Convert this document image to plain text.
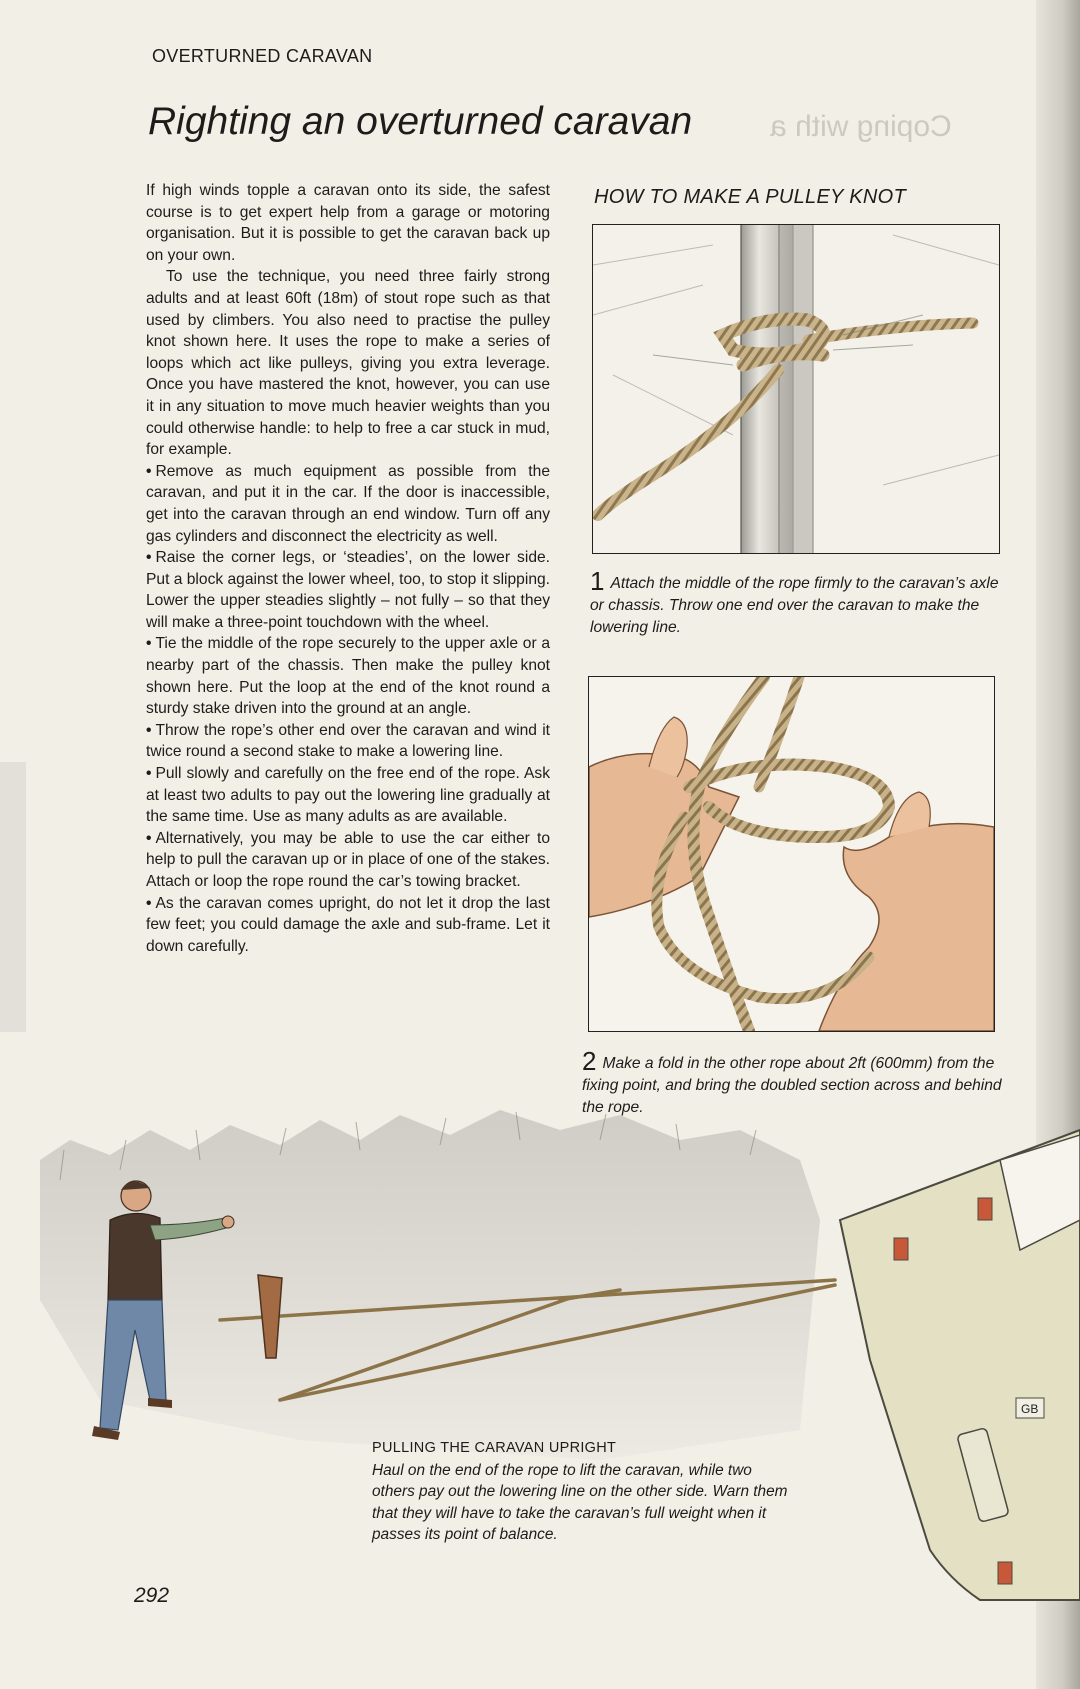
Coping with a
OVERTURNED CARAVAN
Righting an overturned caravan

If high winds topple a caravan onto its side, the safest course is to get expert help from a garage or motoring organisation. But it is possible to get the caravan back up on your own.

To use the technique, you need three fairly strong adults and at least 60ft (18m) of stout rope such as that used by climbers. You also need to practise the pulley knot shown here. It uses the rope to make a series of loops which act like pulleys, giving you extra leverage. Once you have mastered the knot, however, you can use it in any situation to move much heavier weights than you could otherwise handle: to help to free a car stuck in mud, for example.

• Remove as much equipment as possible from the caravan, and put it in the car. If the door is inaccessible, get into the caravan through an end window. Turn off any gas cylinders and disconnect the electricity as well.

• Raise the corner legs, or ‘steadies’, on the lower side. Put a block against the lower wheel, too, to stop it slipping. Lower the upper steadies slightly – not fully – so that they will make a three-point touchdown with the wheel.

• Tie the middle of the rope securely to the upper axle or a nearby part of the chassis. Then make the pulley knot shown here. Put the loop at the end of the knot round a sturdy stake driven into the ground at an angle.

• Throw the rope’s other end over the caravan and wind it twice round a second stake to make a lowering line.

• Pull slowly and carefully on the free end of the rope. Ask at least two adults to pay out the lowering line gradually at the same time. Use as many adults as are available.

• Alternatively, you may be able to use the car either to help to pull the caravan up or in place of one of the stakes. Attach or loop the rope round the car’s towing bracket.

• As the caravan comes upright, do not let it drop the last few feet; you could damage the axle and sub-frame. Let it down carefully.

HOW TO MAKE A PULLEY KNOT
1 Attach the middle of the rope firmly to the caravan’s axle or chassis. Throw one end over the caravan to make the lowering line.
2 Make a fold in the other rope about 2ft (600mm) from the fixing point, and bring the doubled section across and behind the rope.
GB
PULLING THE CARAVAN UPRIGHT
Haul on the end of the rope to lift the caravan, while two others pay out the lowering line on the other side. Warn them that they will have to take the caravan’s full weight when it passes its point of balance.
292
